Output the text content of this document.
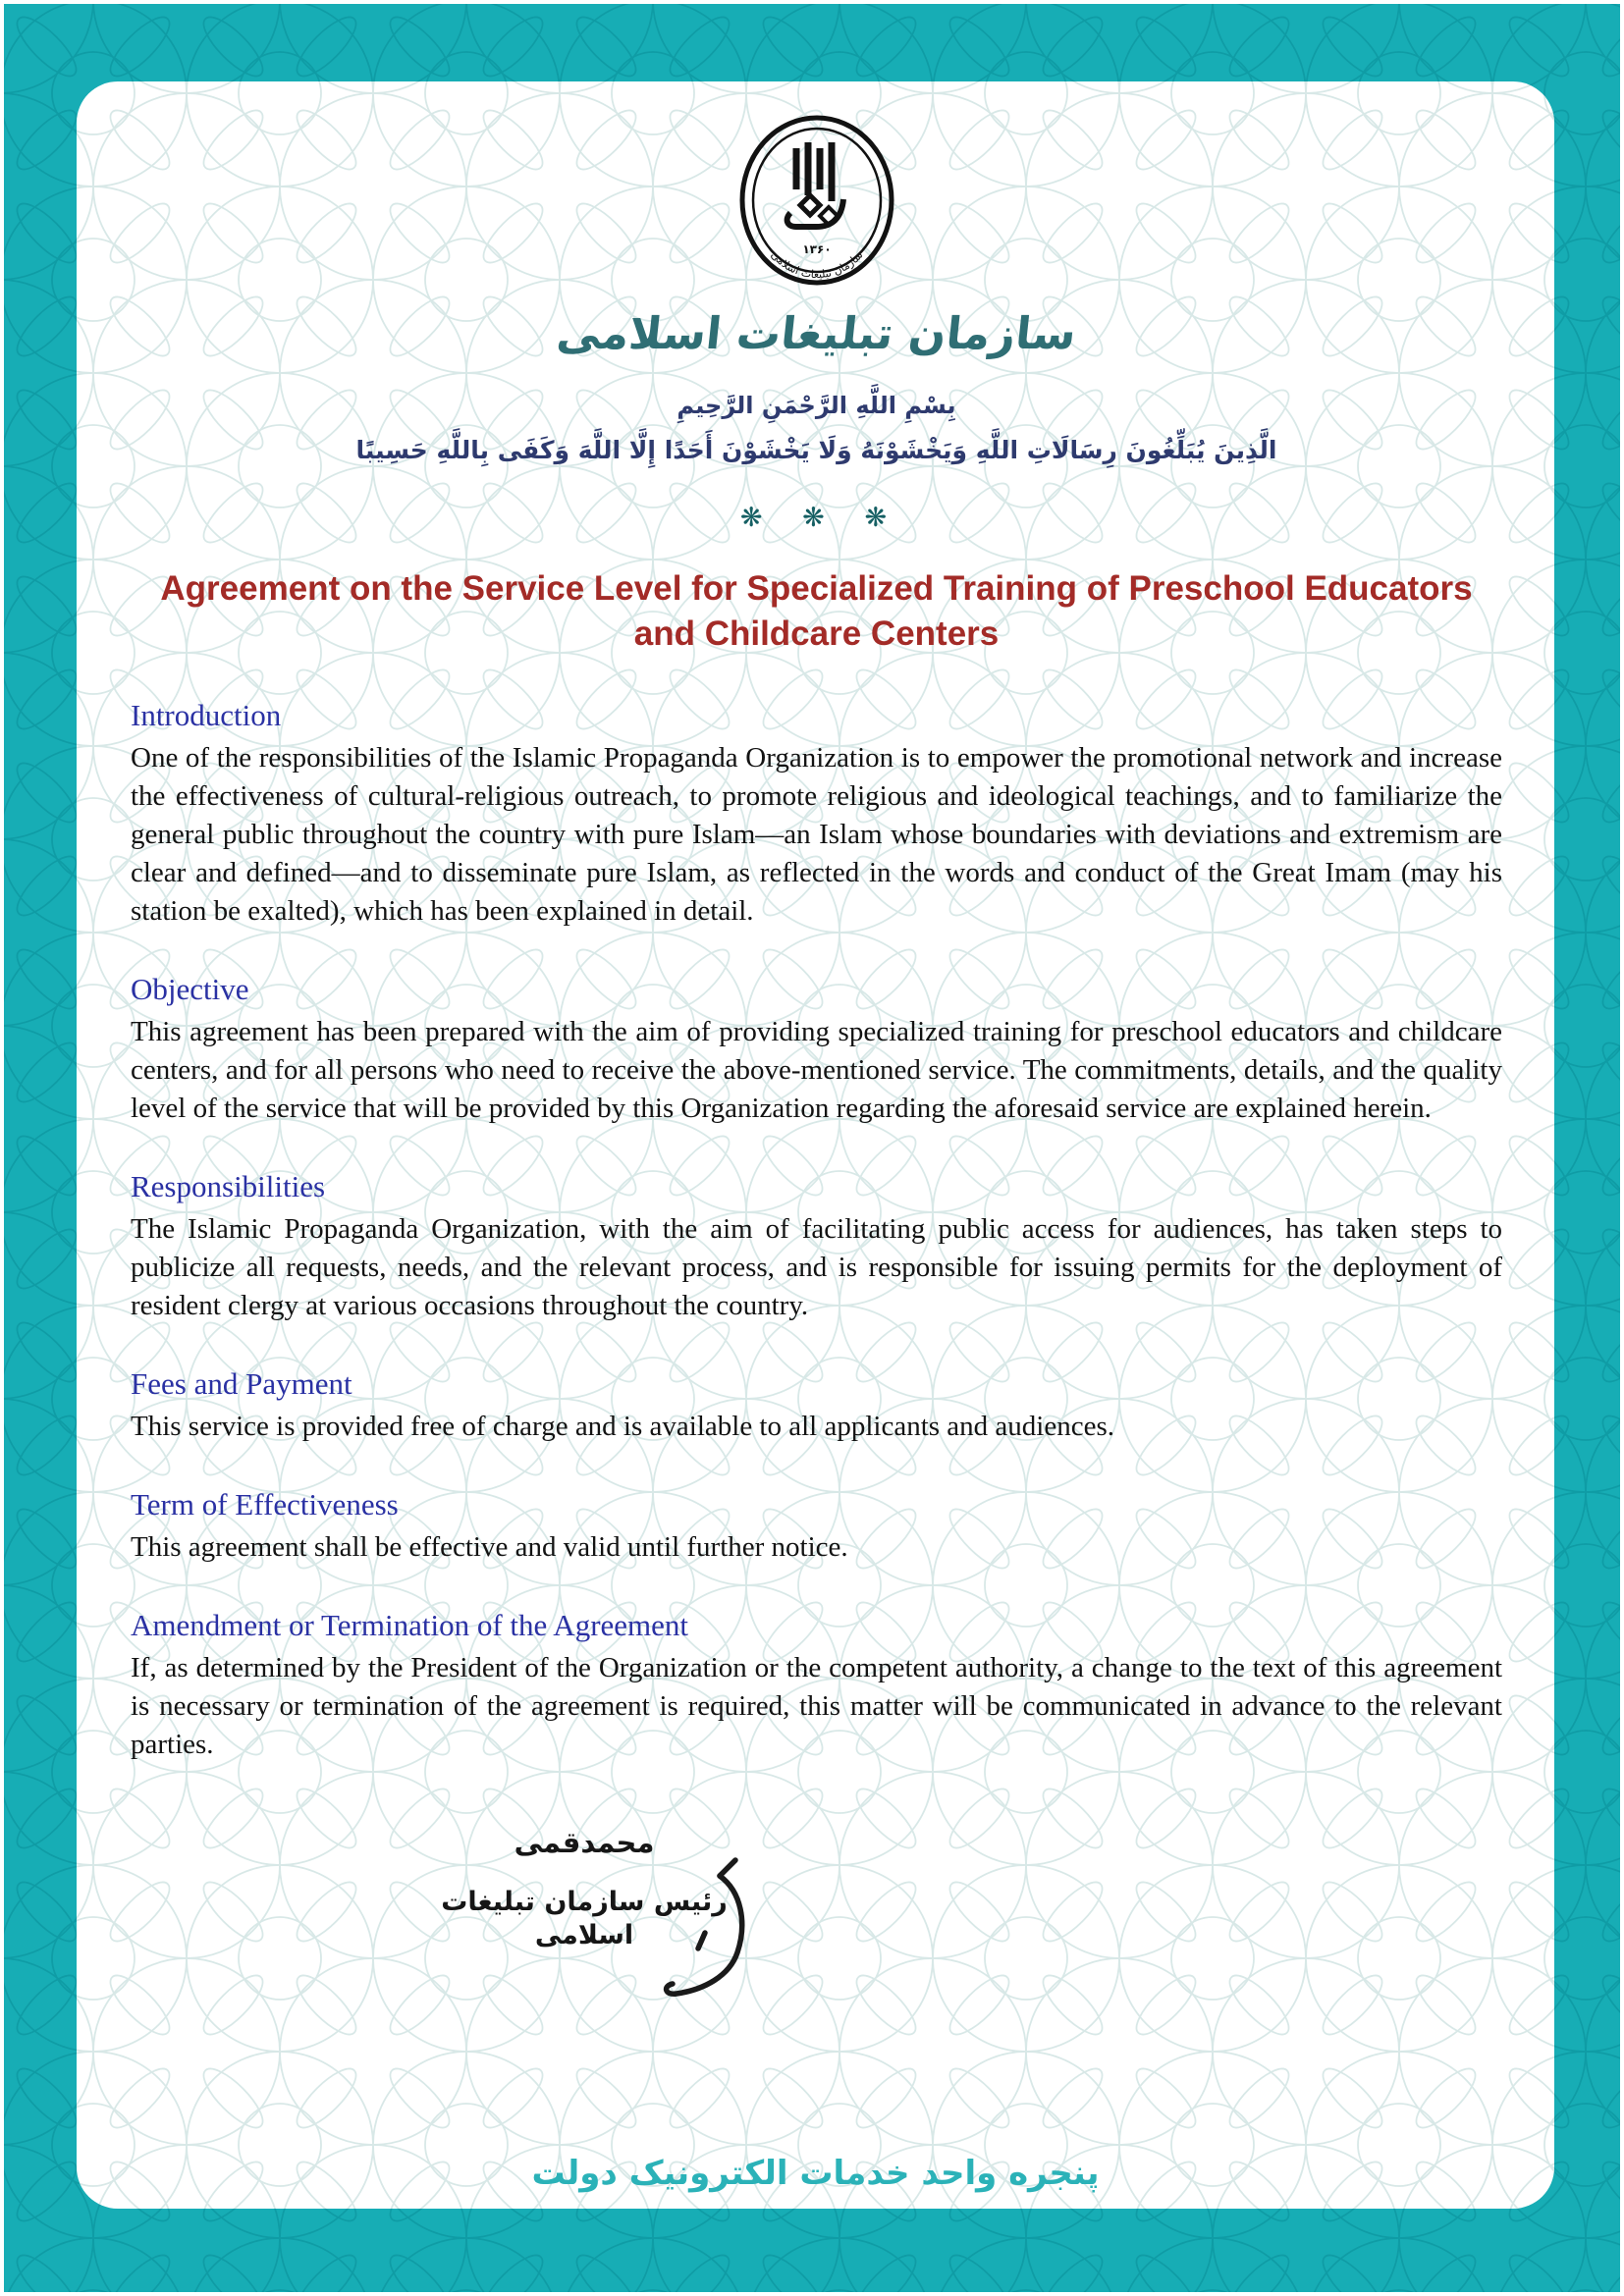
۱۳۶۰
سازمان تبلیغات اسلامی
سازمان تبلیغات اسلامی
بِسْمِ اللَّهِ الرَّحْمَنِ الرَّحِيمِ
الَّذِينَ يُبَلِّغُونَ رِسَالَاتِ اللَّهِ وَيَخْشَوْنَهُ وَلَا يَخْشَوْنَ أَحَدًا إِلَّا اللَّهَ وَكَفَى بِاللَّهِ حَسِيبًا
❋ ❋ ❋
Agreement on the Service Level for Specialized Training of Preschool Educators
and Childcare Centers
Introduction

One of the responsibilities of the Islamic Propaganda Organization is to empower the promotional network and increase the effectiveness of cultural-religious outreach, to promote religious and ideological teachings, and to familiarize the general public throughout the country with pure Islam—an Islam whose boundaries with deviations and extremism are clear and defined—and to disseminate pure Islam, as reflected in the words and conduct of the Great Imam (may his station be exalted), which has been explained in detail.

Objective

This agreement has been prepared with the aim of providing specialized training for preschool educators and childcare centers, and for all persons who need to receive the above-mentioned service. The commitments, details, and the quality level of the service that will be provided by this Organization regarding the aforesaid service are explained herein.

Responsibilities

The Islamic Propaganda Organization, with the aim of facilitating public access for audiences, has taken steps to publicize all requests, needs, and the relevant process, and is responsible for issuing permits for the deployment of resident clergy at various occasions throughout the country.

Fees and Payment

This service is provided free of charge and is available to all applicants and audiences.

Term of Effectiveness

This agreement shall be effective and valid until further notice.

Amendment or Termination of the Agreement

If, as determined by the President of the Organization or the competent authority, a change to the text of this agreement is necessary or termination of the agreement is required, this matter will be communicated in advance to the relevant parties.

محمدقمی
رئیس سازمان تبلیغات اسلامی
پنجره واحد خدمات الکترونیک دولت
